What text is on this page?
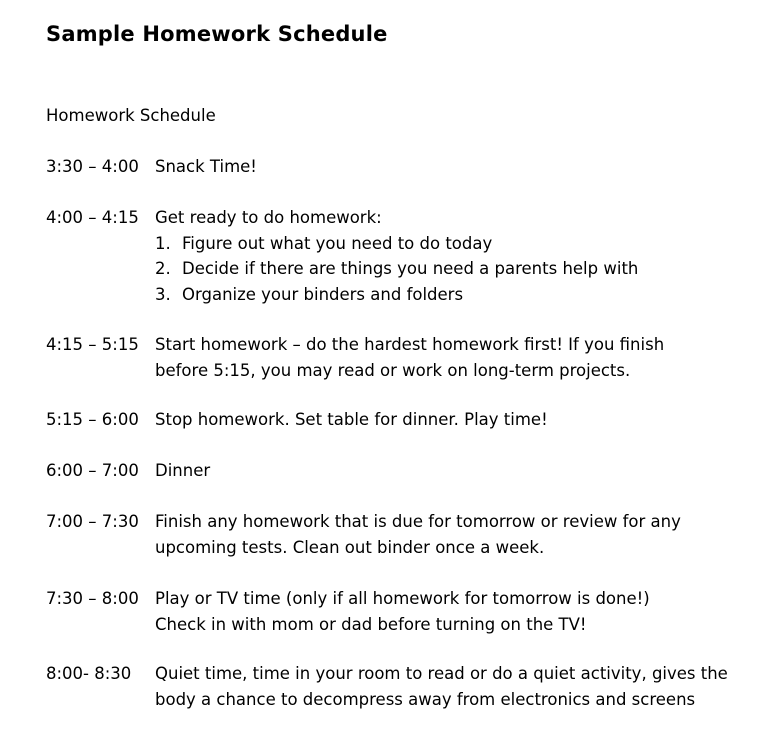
Sample Homework Schedule
Homework Schedule
3:30 – 4:00 Snack Time!
4:00 – 4:15 Get ready to do homework:
1. Figure out what you need to do today
2. Decide if there are things you need a parents help with
3. Organize your binders and folders
4:15 – 5:15 Start homework – do the hardest homework first! If you finish
before 5:15, you may read or work on long-term projects.
5:15 – 6:00 Stop homework. Set table for dinner. Play time!
6:00 – 7:00 Dinner
7:00 – 7:30 Finish any homework that is due for tomorrow or review for any
upcoming tests. Clean out binder once a week.
7:30 – 8:00 Play or TV time (only if all homework for tomorrow is done!)
Check in with mom or dad before turning on the TV!
8:00- 8:30 Quiet time, time in your room to read or do a quiet activity, gives the
body a chance to decompress away from electronics and screens
